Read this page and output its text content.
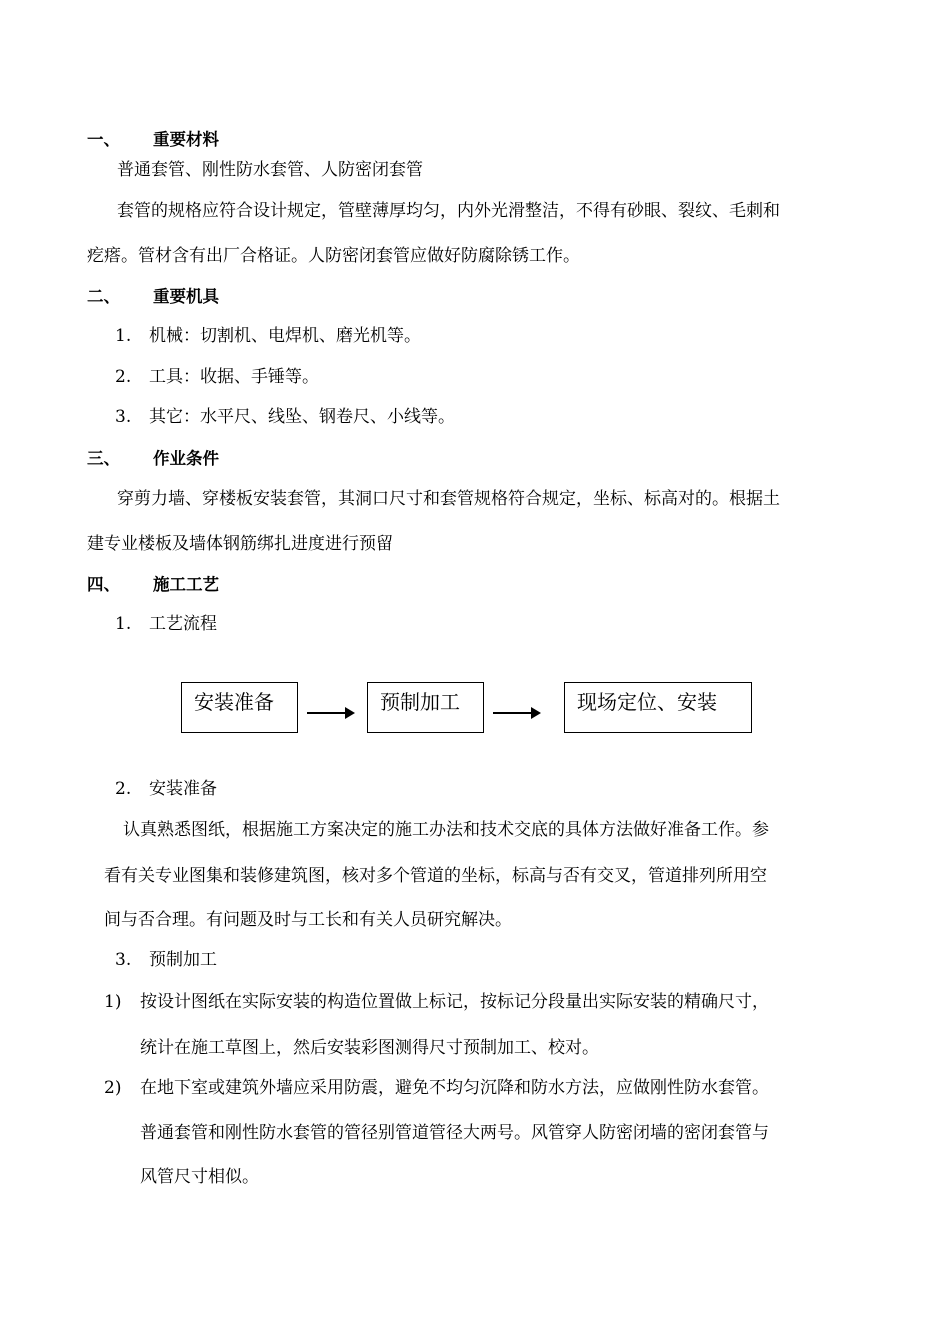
一、 重要材料
普通套管、刚性防水套管、人防密闭套管
套管的规格应符合设计规定，管壁薄厚均匀，内外光滑整洁，不得有砂眼、裂纹、毛刺和
疙瘩。管材含有出厂合格证。人防密闭套管应做好防腐除锈工作。
二、 重要机具
1. 机械：切割机、电焊机、磨光机等。
2. 工具：收据、手锤等。
3. 其它：水平尺、线坠、钢卷尺、小线等。
三、 作业条件
穿剪力墙、穿楼板安装套管，其洞口尺寸和套管规格符合规定，坐标、标高对的。根据土
建专业楼板及墙体钢筋绑扎进度进行预留
四、 施工工艺
1. 工艺流程
安装准备	预制加工	现场定位、安装
2. 安装准备
认真熟悉图纸，根据施工方案决定的施工办法和技术交底的具体方法做好准备工作。参
看有关专业图集和装修建筑图，核对多个管道的坐标，标高与否有交叉，管道排列所用空
间与否合理。有问题及时与工长和有关人员研究解决。
3. 预制加工
1) 按设计图纸在实际安装的构造位置做上标记，按标记分段量出实际安装的精确尺寸，
统计在施工草图上，然后安装彩图测得尺寸预制加工、校对。
2) 在地下室或建筑外墙应采用防震，避免不均匀沉降和防水方法，应做刚性防水套管。
普通套管和刚性防水套管的管径别管道管径大两号。风管穿人防密闭墙的密闭套管与
风管尺寸相似。
